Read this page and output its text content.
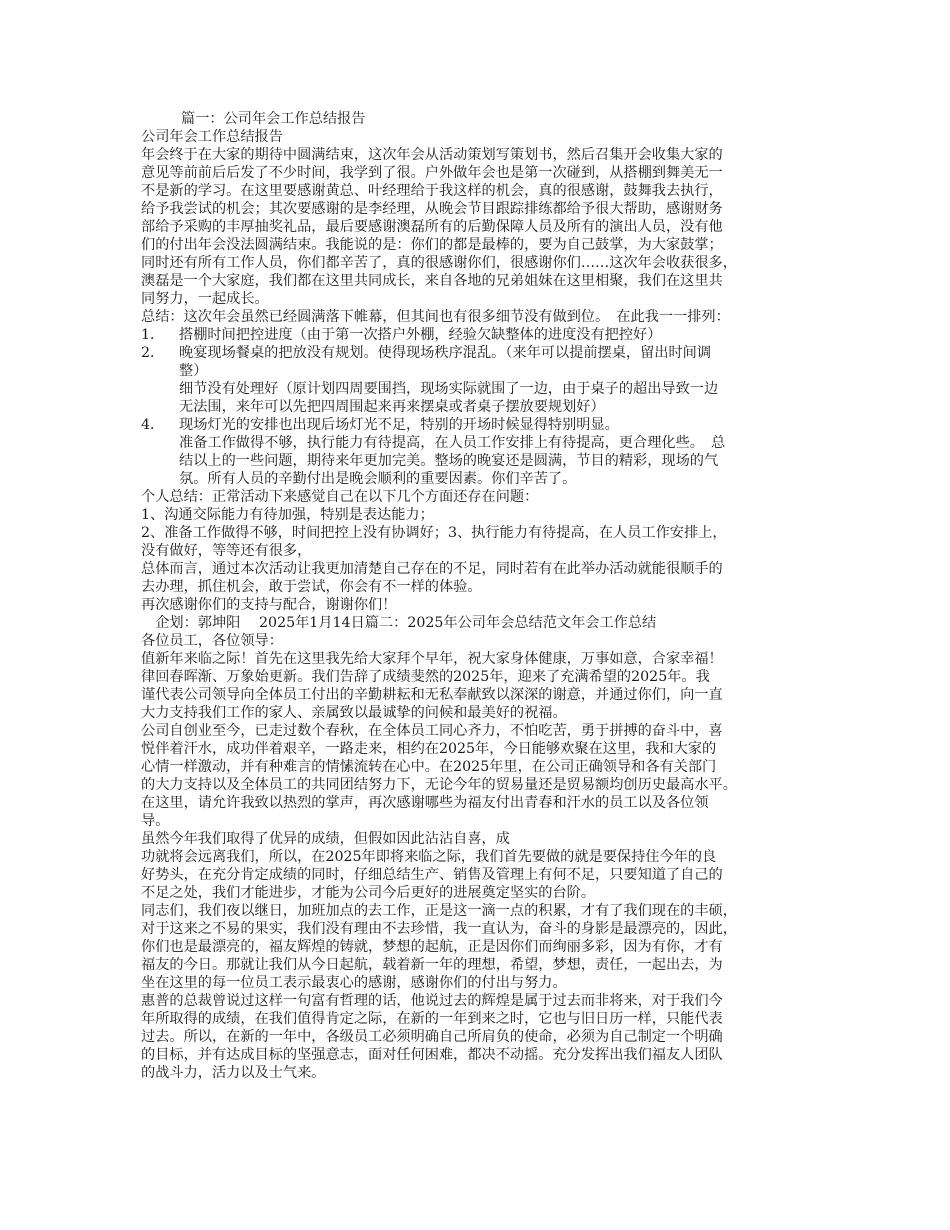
篇一：公司年会工作总结报告
公司年会工作总结报告
年会终于在大家的期待中圆满结束，这次年会从活动策划写策划书，然后召集开会收集大家的
意见等前前后后发了不少时间，我学到了很。户外做年会也是第一次碰到，从搭棚到舞美无一
不是新的学习。在这里要感谢黄总、叶经理给于我这样的机会，真的很感谢，鼓舞我去执行，
给予我尝试的机会；其次要感谢的是李经理，从晚会节目跟踪排练都给予很大帮助，感谢财务
部给予采购的丰厚抽奖礼品，最后要感谢澳磊所有的后勤保障人员及所有的演出人员，没有他
们的付出年会没法圆满结束。我能说的是：你们的都是最棒的，要为自己鼓掌，为大家鼓掌；
同时还有所有工作人员，你们都辛苦了，真的很感谢你们，很感谢你们……这次年会收获很多，
澳磊是一个大家庭，我们都在这里共同成长，来自各地的兄弟姐妹在这里相聚，我们在这里共
同努力，一起成长。
总结：这次年会虽然已经圆满落下帷幕，但其间也有很多细节没有做到位。　在此我一一排列：
1． 搭棚时间把控进度（由于第一次搭户外棚，经验欠缺整体的进度没有把控好）
2． 晚宴现场餐桌的把放没有规划。使得现场秩序混乱。（来年可以提前摆桌，留出时间调
整）
细节没有处理好（原计划四周要围挡，现场实际就围了一边，由于桌子的超出导致一边
无法围，来年可以先把四周围起来再来摆桌或者桌子摆放要规划好）
4． 现场灯光的安排也出现后场灯光不足，特别的开场时候显得特别明显。
准备工作做得不够，执行能力有待提高，在人员工作安排上有待提高，更合理化些。　总
结以上的一些问题，期待来年更加完美。整场的晚宴还是圆满，节目的精彩，现场的气
氛。所有人员的辛勤付出是晚会顺利的重要因素。你们辛苦了。
个人总结：正常活动下来感觉自己在以下几个方面还存在问题：
1、沟通交际能力有待加强，特别是表达能力；
2、准备工作做得不够，时间把控上没有协调好；3、执行能力有待提高，在人员工作安排上，
没有做好，等等还有很多，
总体而言，通过本次活动让我更加清楚自己存在的不足，同时若有在此举办活动就能很顺手的
去办理，抓住机会，敢于尝试，你会有不一样的体验。
再次感谢你们的支持与配合，谢谢你们！
　企划：郭坤阳　 2025年1月14日篇二：2025年公司年会总结范文年会工作总结
各位员工，各位领导：
值新年来临之际！首先在这里我先给大家拜个早年，祝大家身体健康，万事如意，合家幸福！
律回春晖渐、万象始更新。我们告辞了成绩斐然的2025年，迎来了充满希望的2025年。我
谨代表公司领导向全体员工付出的辛勤耕耘和无私奉献致以深深的谢意，并通过你们，向一直
大力支持我们工作的家人、亲属致以最诚挚的问候和最美好的祝福。
公司自创业至今，已走过数个春秋，在全体员工同心齐力，不怕吃苦，勇于拼搏的奋斗中，喜
悦伴着汗水，成功伴着艰辛，一路走来，相约在2025年，今日能够欢聚在这里，我和大家的
心情一样激动，并有种难言的情愫流转在心中。在2025年里，在公司正确领导和各有关部门
的大力支持以及全体员工的共同团结努力下，无论今年的贸易量还是贸易额均创历史最高水平。
在这里，请允许我致以热烈的掌声，再次感谢哪些为福友付出青春和汗水的员工以及各位领
导。
虽然今年我们取得了优异的成绩，但假如因此沾沾自喜，成
功就将会远离我们，所以，在2025年即将来临之际，我们首先要做的就是要保持住今年的良
好势头，在充分肯定成绩的同时，仔细总结生产、销售及管理上有何不足，只要知道了自己的
不足之处，我们才能进步，才能为公司今后更好的进展奠定坚实的台阶。
同志们，我们夜以继日，加班加点的去工作，正是这一滴一点的积累，才有了我们现在的丰硕，
对于这来之不易的果实，我们没有理由不去珍惜，我一直认为，奋斗的身影是最漂亮的，因此，
你们也是最漂亮的，福友辉煌的铸就，梦想的起航，正是因你们而绚丽多彩，因为有你，才有
福友的今日。那就让我们从今日起航，载着新一年的理想，希望，梦想，责任，一起出去，为
坐在这里的每一位员工表示最衷心的感谢，感谢你们的付出与努力。
惠普的总裁曾说过这样一句富有哲理的话，他说过去的辉煌是属于过去而非将来，对于我们今
年所取得的成绩，在我们值得肯定之际，在新的一年到来之时，它也与旧日历一样，只能代表
过去。所以，在新的一年中，各级员工必须明确自己所肩负的使命，必须为自己制定一个明确
的目标，并有达成目标的坚强意志，面对任何困难，都决不动摇。充分发挥出我们福友人团队
的战斗力，活力以及士气来。
